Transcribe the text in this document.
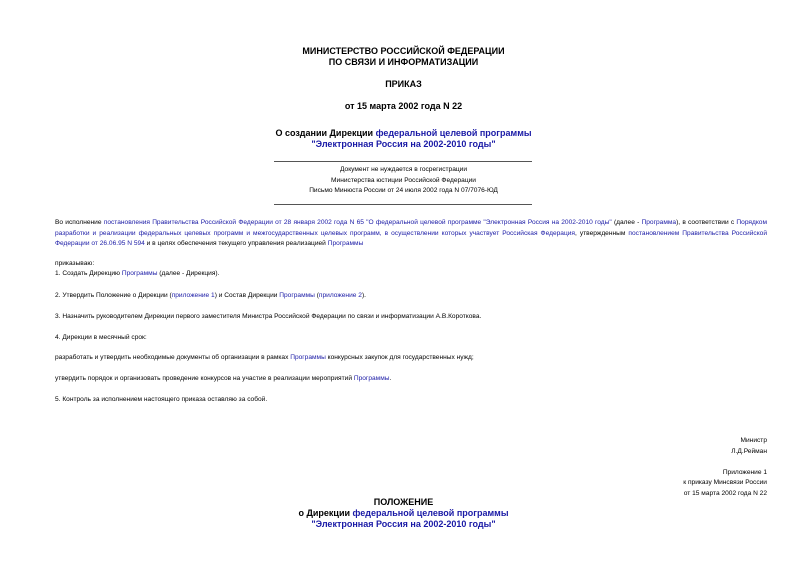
МИНИСТЕРСТВО РОССИЙСКОЙ ФЕДЕРАЦИИ
ПО СВЯЗИ И ИНФОРМАТИЗАЦИИ
ПРИКАЗ
от 15 марта 2002 года N 22
О создании Дирекции федеральной целевой программы
"Электронная Россия на 2002-2010 годы"
Документ не нуждается в госрегистрации
Министерства юстиции Российской Федерации
Письмо Минюста России от 24 июля 2002 года N 07/7076-ЮД
Во исполнение постановления Правительства Российской Федерации от 28 января 2002 года N 65 "О федеральной целевой программе "Электронная Россия на 2002-2010 годы" (далее - Программа), в соответствии с Порядком разработки и реализации федеральных целевых программ и межгосударственных целевых программ, в осуществлении которых участвует Российская Федерация, утвержденным постановлением Правительства Российской Федерации от 26.06.95 N 594 и в целях обеспечения текущего управления реализацией Программы
приказываю:
1. Создать Дирекцию Программы (далее - Дирекция).
2. Утвердить Положение о Дирекции (приложение 1) и Состав Дирекции Программы (приложение 2).
3. Назначить руководителем Дирекции первого заместителя Министра Российской Федерации по связи и информатизации А.В.Короткова.
4. Дирекции в месячный срок:
разработать и утвердить необходимые документы об организации в рамках Программы конкурсных закупок для государственных нужд;
утвердить порядок и организовать проведение конкурсов на участие в реализации мероприятий Программы.
5. Контроль за исполнением настоящего приказа оставляю за собой.
Министр
Л.Д.Рейман
Приложение 1
к приказу Минсвязи России
от 15 марта 2002 года N 22
ПОЛОЖЕНИЕ
о Дирекции федеральной целевой программы
"Электронная Россия на 2002-2010 годы"
